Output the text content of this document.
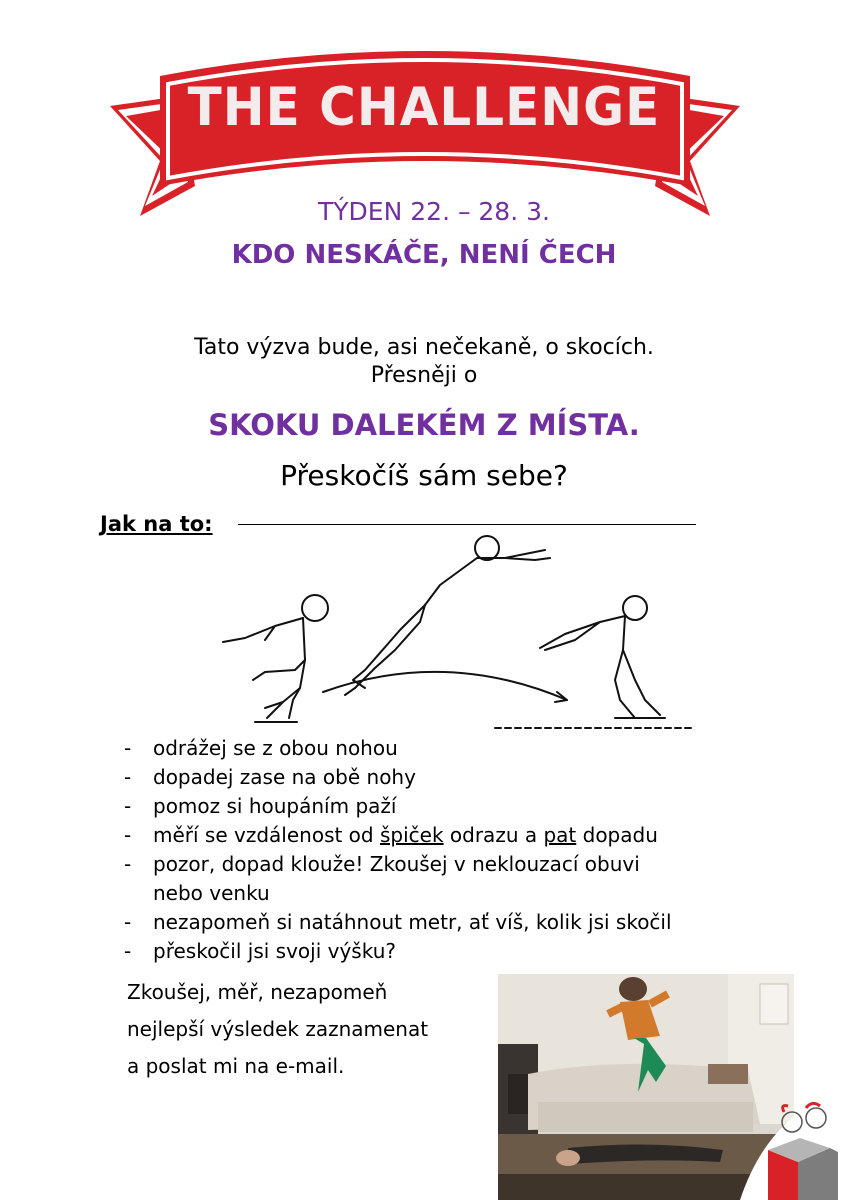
THE CHALLENGE
TÝDEN 22. – 28. 3.
KDO NESKÁČE, NENÍ ČECH
Tato výzva bude, asi nečekaně, o skocích.
Přesněji o
SKOKU DALEKÉM Z MÍSTA.
Přeskočíš sám sebe?
Jak na to:
- odrážej se z obou nohou
- dopadej zase na obě nohy
- pomoz si houpáním paží
- měří se vzdálenost od špiček odrazu a pat dopadu
- pozor, dopad klouže! Zkoušej v neklouzací obuvi
nebo venku
- nezapomeň si natáhnout metr, ať víš, kolik jsi skočil
- přeskočil jsi svoji výšku?
Zkoušej, měř, nezapomeň
nejlepší výsledek zaznamenat
a poslat mi na e-mail.
